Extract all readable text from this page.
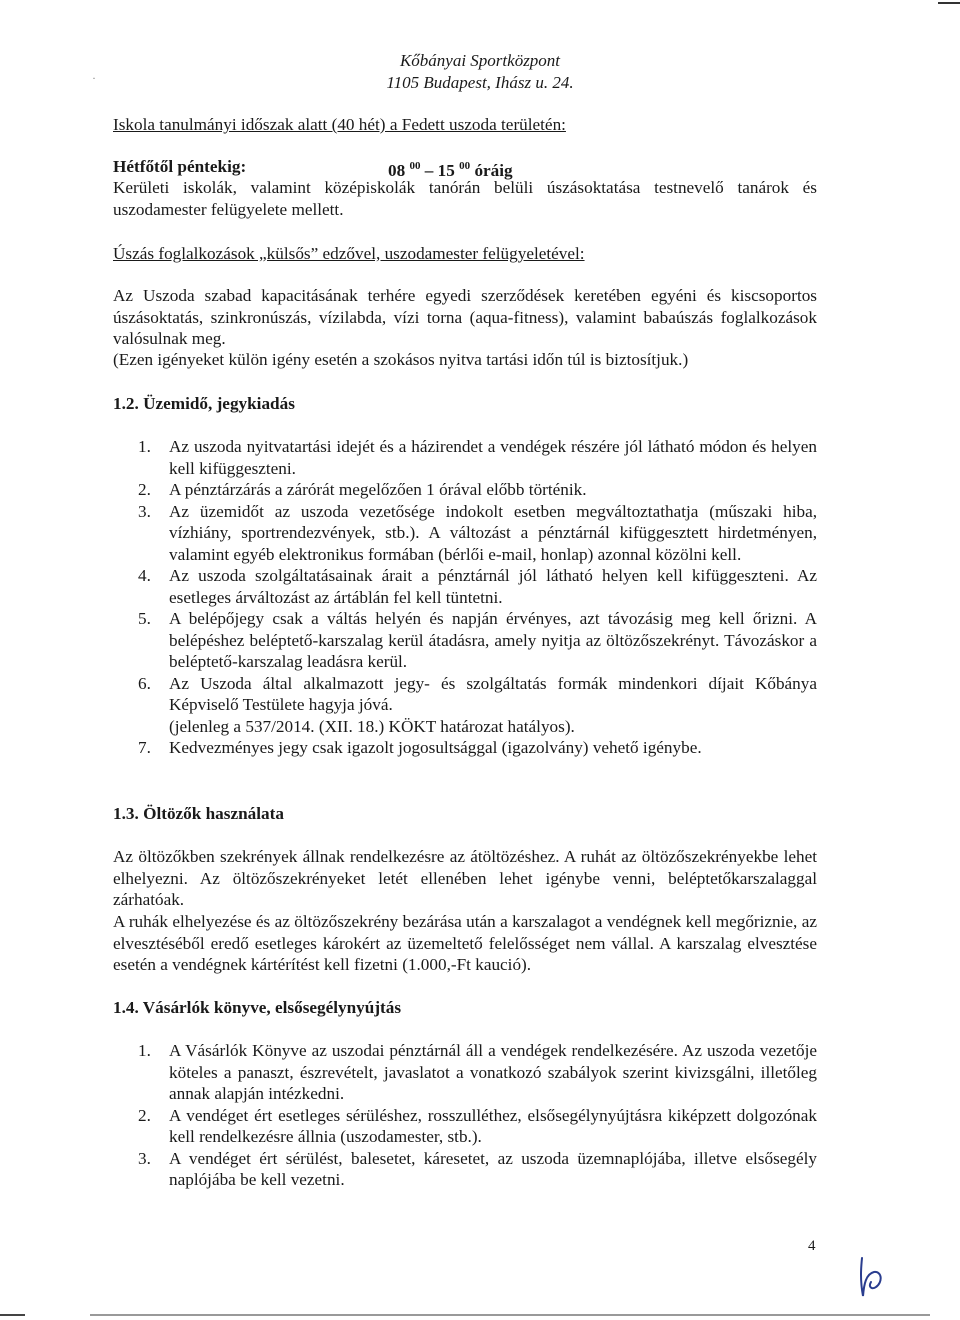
·
Kőbányai Sportközpont
1105 Budapest, Ihász u. 24.
Iskola tanulmányi időszak alatt (40 hét) a Fedett uszoda területén:
Hétfőtől péntekig:	08 $^{00}$ – 15 $^{00}$ óráig
Kerületi iskolák, valamint középiskolák tanórán belüli úszásoktatása testnevelő tanárok és uszodamester felügyelete mellett.
Úszás foglalkozások „külsős” edzővel, uszodamester felügyeletével:
Az Uszoda szabad kapacitásának terhére egyedi szerződések keretében egyéni és kiscsoportos úszásoktatás, szinkronúszás, vízilabda, vízi torna (aqua-fitness), valamint babaúszás foglalkozások valósulnak meg.
(Ezen igényeket külön igény esetén a szokásos nyitva tartási időn túl is biztosítjuk.)
1.2. Üzemidő, jegykiadás
1. Az uszoda nyitvatartási idejét és a házirendet a vendégek részére jól látható módon és helyen kell kifüggeszteni.
2. A pénztárzárás a zárórát megelőzően 1 órával előbb történik.
3. Az üzemidőt az uszoda vezetősége indokolt esetben megváltoztathatja (műszaki hiba, vízhiány, sportrendezvények, stb.). A változást a pénztárnál kifüggesztett hirdetményen, valamint egyéb elektronikus formában (bérlői e-mail, honlap) azonnal közölni kell.
4. Az uszoda szolgáltatásainak árait a pénztárnál jól látható helyen kell kifüggeszteni. Az esetleges árváltozást az ártáblán fel kell tüntetni.
5. A belépőjegy csak a váltás helyén és napján érvényes, azt távozásig meg kell őrizni. A belépéshez beléptető-karszalag kerül átadásra, amely nyitja az öltözőszekrényt. Távozáskor a beléptető-karszalag leadásra kerül.
6. Az Uszoda által alkalmazott jegy- és szolgáltatás formák mindenkori díjait Kőbánya Képviselő Testülete hagyja jóvá.
(jelenleg a 537/2014. (XII. 18.) KÖKT határozat hatályos).
7. Kedvezményes jegy csak igazolt jogosultsággal (igazolvány) vehető igénybe.
1.3. Öltözők használata
Az öltözőkben szekrények állnak rendelkezésre az átöltözéshez. A ruhát az öltözőszekrényekbe lehet elhelyezni. Az öltözőszekrényeket letét ellenében lehet igénybe venni, beléptetőkarszalaggal zárhatóak.
A ruhák elhelyezése és az öltözőszekrény bezárása után a karszalagot a vendégnek kell megőriznie, az elvesztéséből eredő esetleges károkért az üzemeltető felelősséget nem vállal. A karszalag elvesztése esetén a vendégnek kártérítést kell fizetni (1.000,-Ft kaució).
1.4. Vásárlók könyve, elsősegélynyújtás
1. A Vásárlók Könyve az uszodai pénztárnál áll a vendégek rendelkezésére. Az uszoda vezetője köteles a panaszt, észrevételt, javaslatot a vonatkozó szabályok szerint kivizsgálni, illetőleg annak alapján intézkedni.
2. A vendéget ért esetleges sérüléshez, rosszulléthez, elsősegélynyújtásra kiképzett dolgozónak kell rendelkezésre állnia (uszodamester, stb.).
3. A vendéget ért sérülést, balesetet, káresetet, az uszoda üzemnaplójába, illetve elsősegély naplójába be kell vezetni.
4
